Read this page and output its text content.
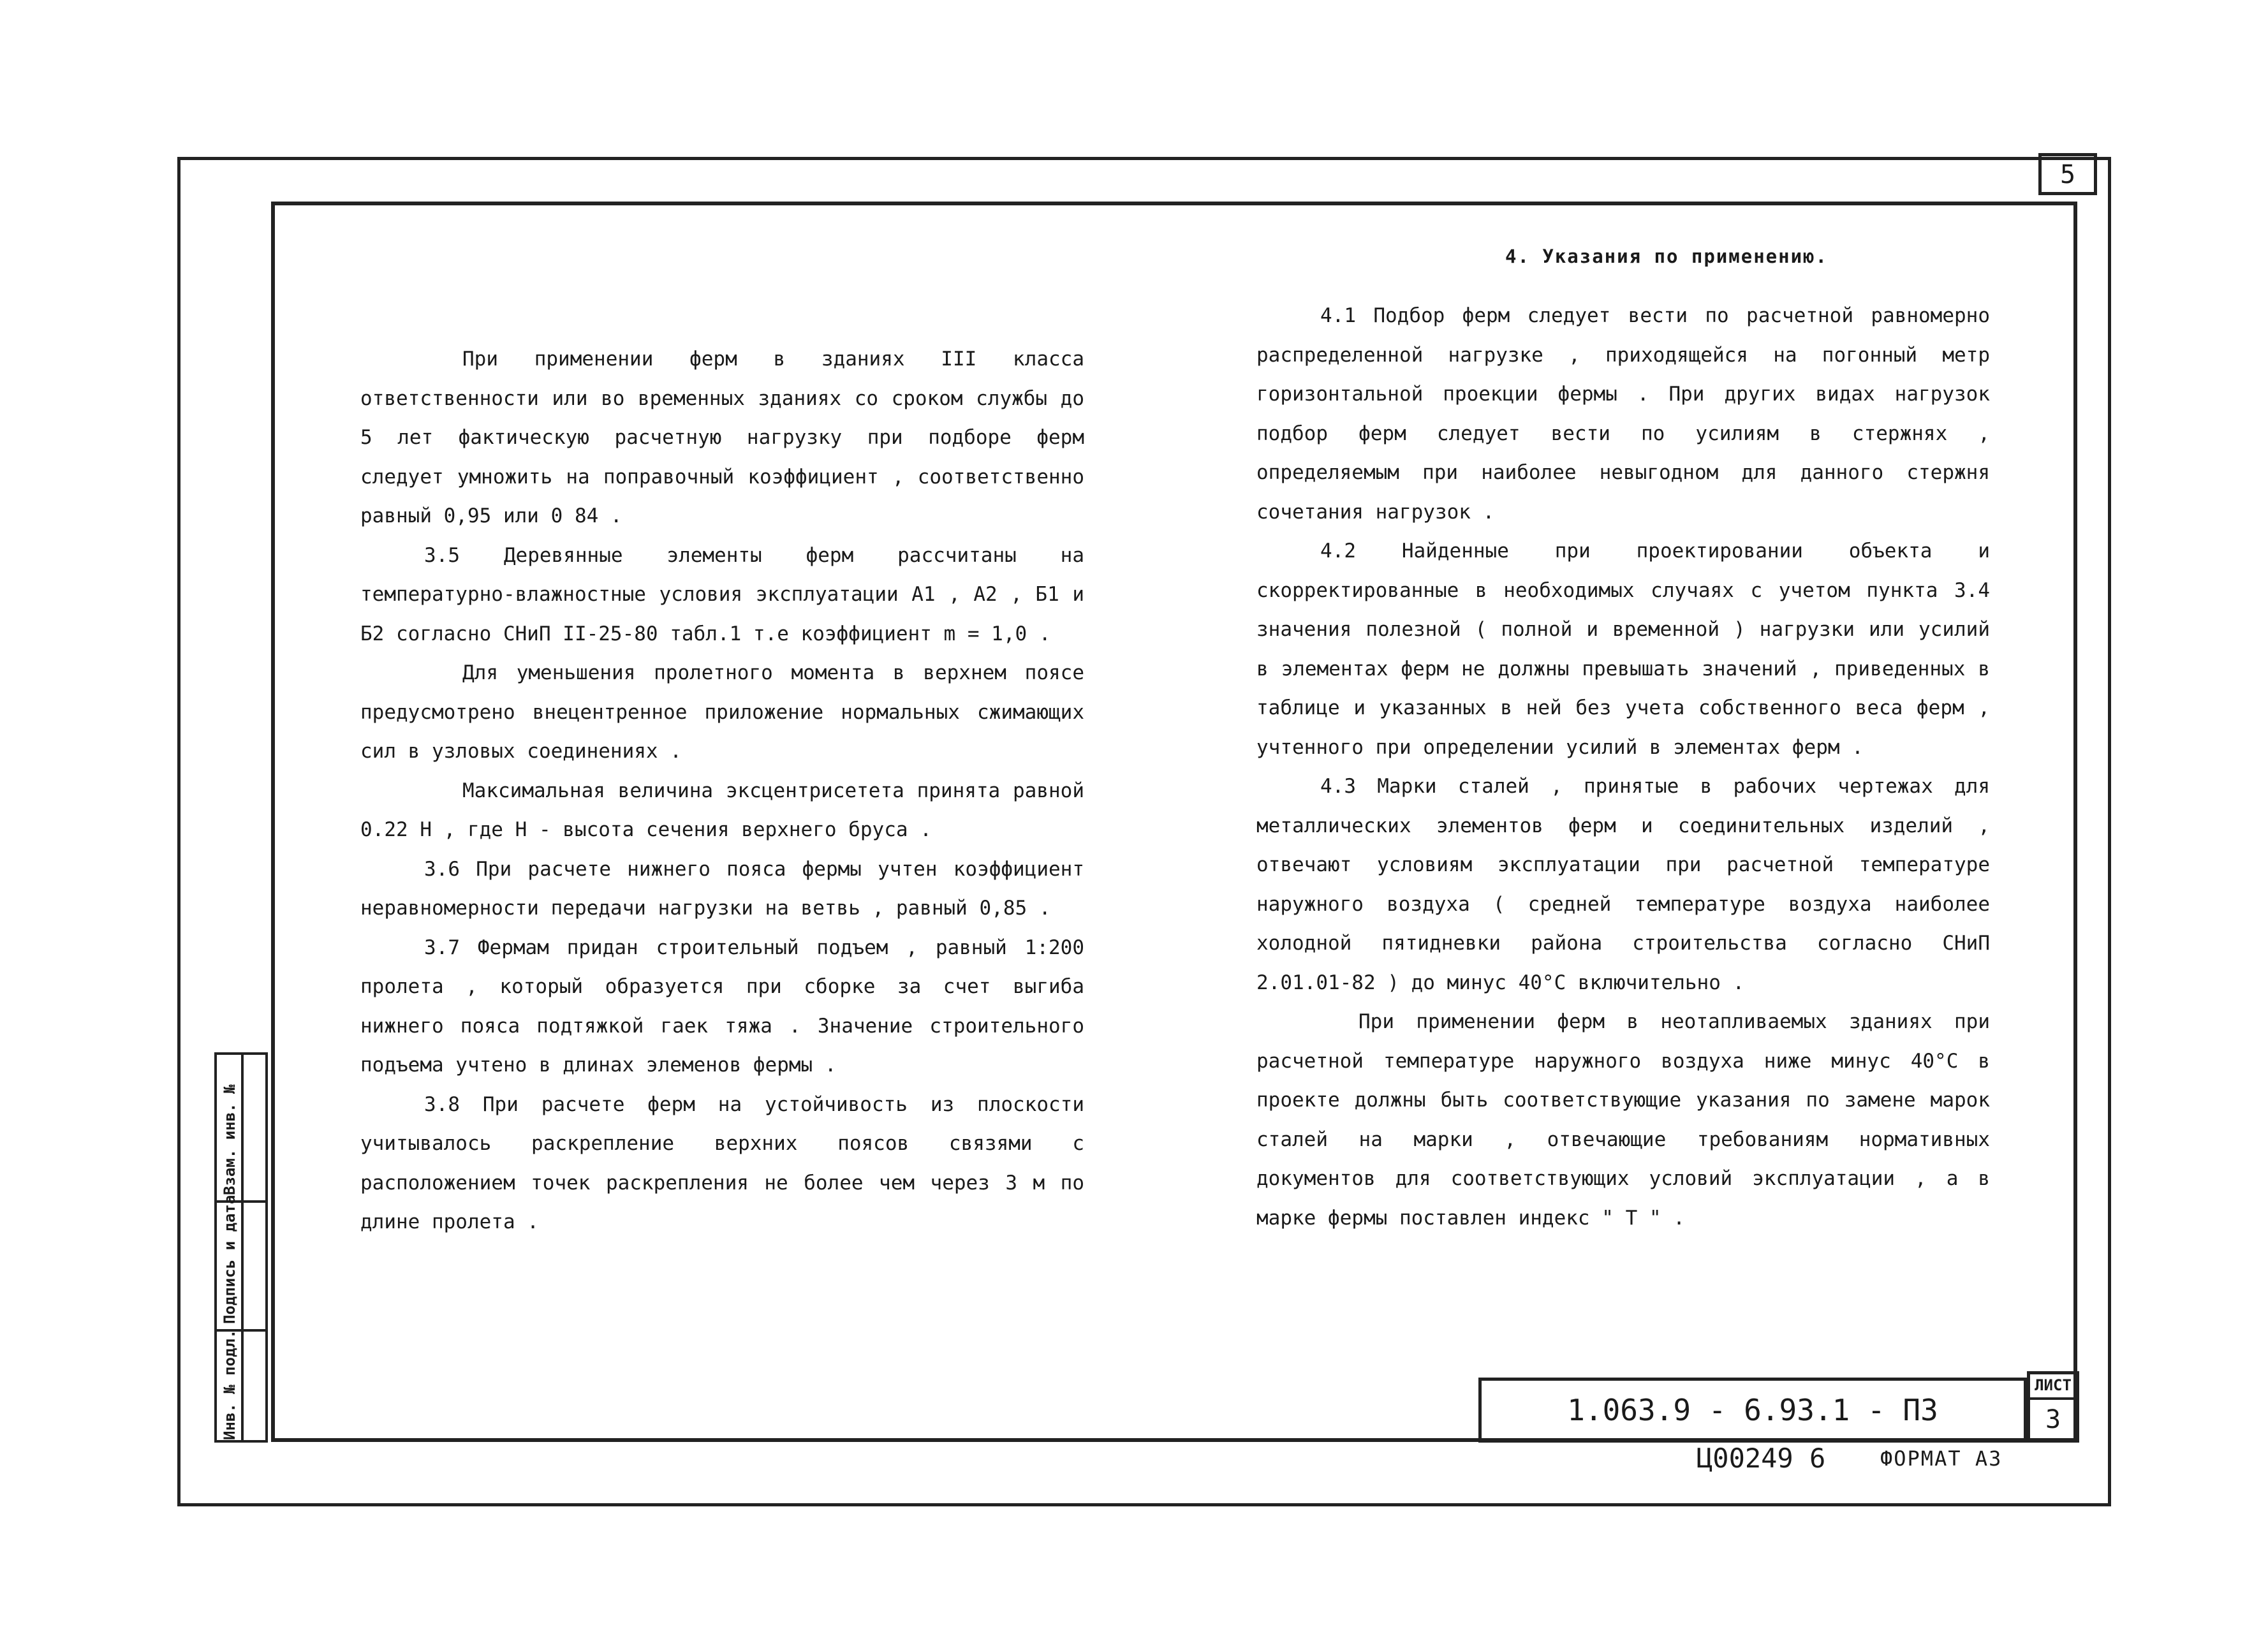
5
4. Указания по применению.

При применении ферм в зданиях III класса ответственности или во временных зданиях со сроком службы до 5 лет фактическую расчетную нагрузку при подборе ферм следует умножить на поправочный коэффициент , соответственно равный 0,95 или 0 84 .

3.5 Деревянные элементы ферм рассчитаны на температурно-влажностные условия эксплуатации А1 , А2 , Б1 и Б2 согласно СНиП II-25-80 табл.1 т.е коэффициент m = 1,0 .

Для уменьшения пролетного момента в верхнем поясе предусмотрено внецентренное приложение нормальных сжимающих сил в узловых соединениях .

Максимальная величина эксцентрисетета принята равной 0.22 Н , где Н - высота сечения верхнего бруса .

3.6 При расчете нижнего пояса фермы учтен коэффициент неравномерности передачи нагрузки на ветвь , равный 0,85 .

3.7 Фермам придан строительный подъем , равный 1:200 пролета , который образуется при сборке за счет выгиба нижнего пояса подтяжкой гаек тяжа . Значение строительного подъема учтено в длинах элеменов фермы .

3.8 При расчете ферм на устойчивость из плоскости учитывалось раскрепление верхних поясов связями с расположением точек раскрепления не более чем через 3 м по длине пролета .

4.1 Подбор ферм следует вести по расчетной равномерно распределенной нагрузке , приходящейся на погонный метр горизонтальной проекции фермы . При других видах нагрузок подбор ферм следует вести по усилиям в стержнях , определяемым при наиболее невыгодном для данного стержня сочетания нагрузок .

4.2 Найденные при проектировании объекта и скорректированные в необходимых случаях с учетом пункта 3.4 значения полезной ( полной и временной ) нагрузки или усилий в элементах ферм не должны превышать значений , приведенных в таблице и указанных в ней без учета собственного веса ферм , учтенного при определении усилий в элементах ферм .

4.3 Марки сталей , принятые в рабочих чертежах для металлических элементов ферм и соединительных изделий , отвечают условиям эксплуатации при расчетной температуре наружного воздуха ( средней температуре воздуха наиболее холодной пятидневки района строительства согласно СНиП 2.01.01-82 ) до минус 40°С включительно .

При применении ферм в неотапливаемых зданиях при расчетной температуре наружного воздуха ниже минус 40°С в проекте должны быть соответствующие указания по замене марок сталей на марки , отвечающие требованиям нормативных документов для соответствующих условий эксплуатации , а в марке фермы поставлен индекс " Т " .

Взам. инв. №
Подпись и дата
Инв. № подл.	1.063.9 - 6.93.1 - ПЗ
ЛИСТ
3
Ц00249 6	ФОРМАТ А3
